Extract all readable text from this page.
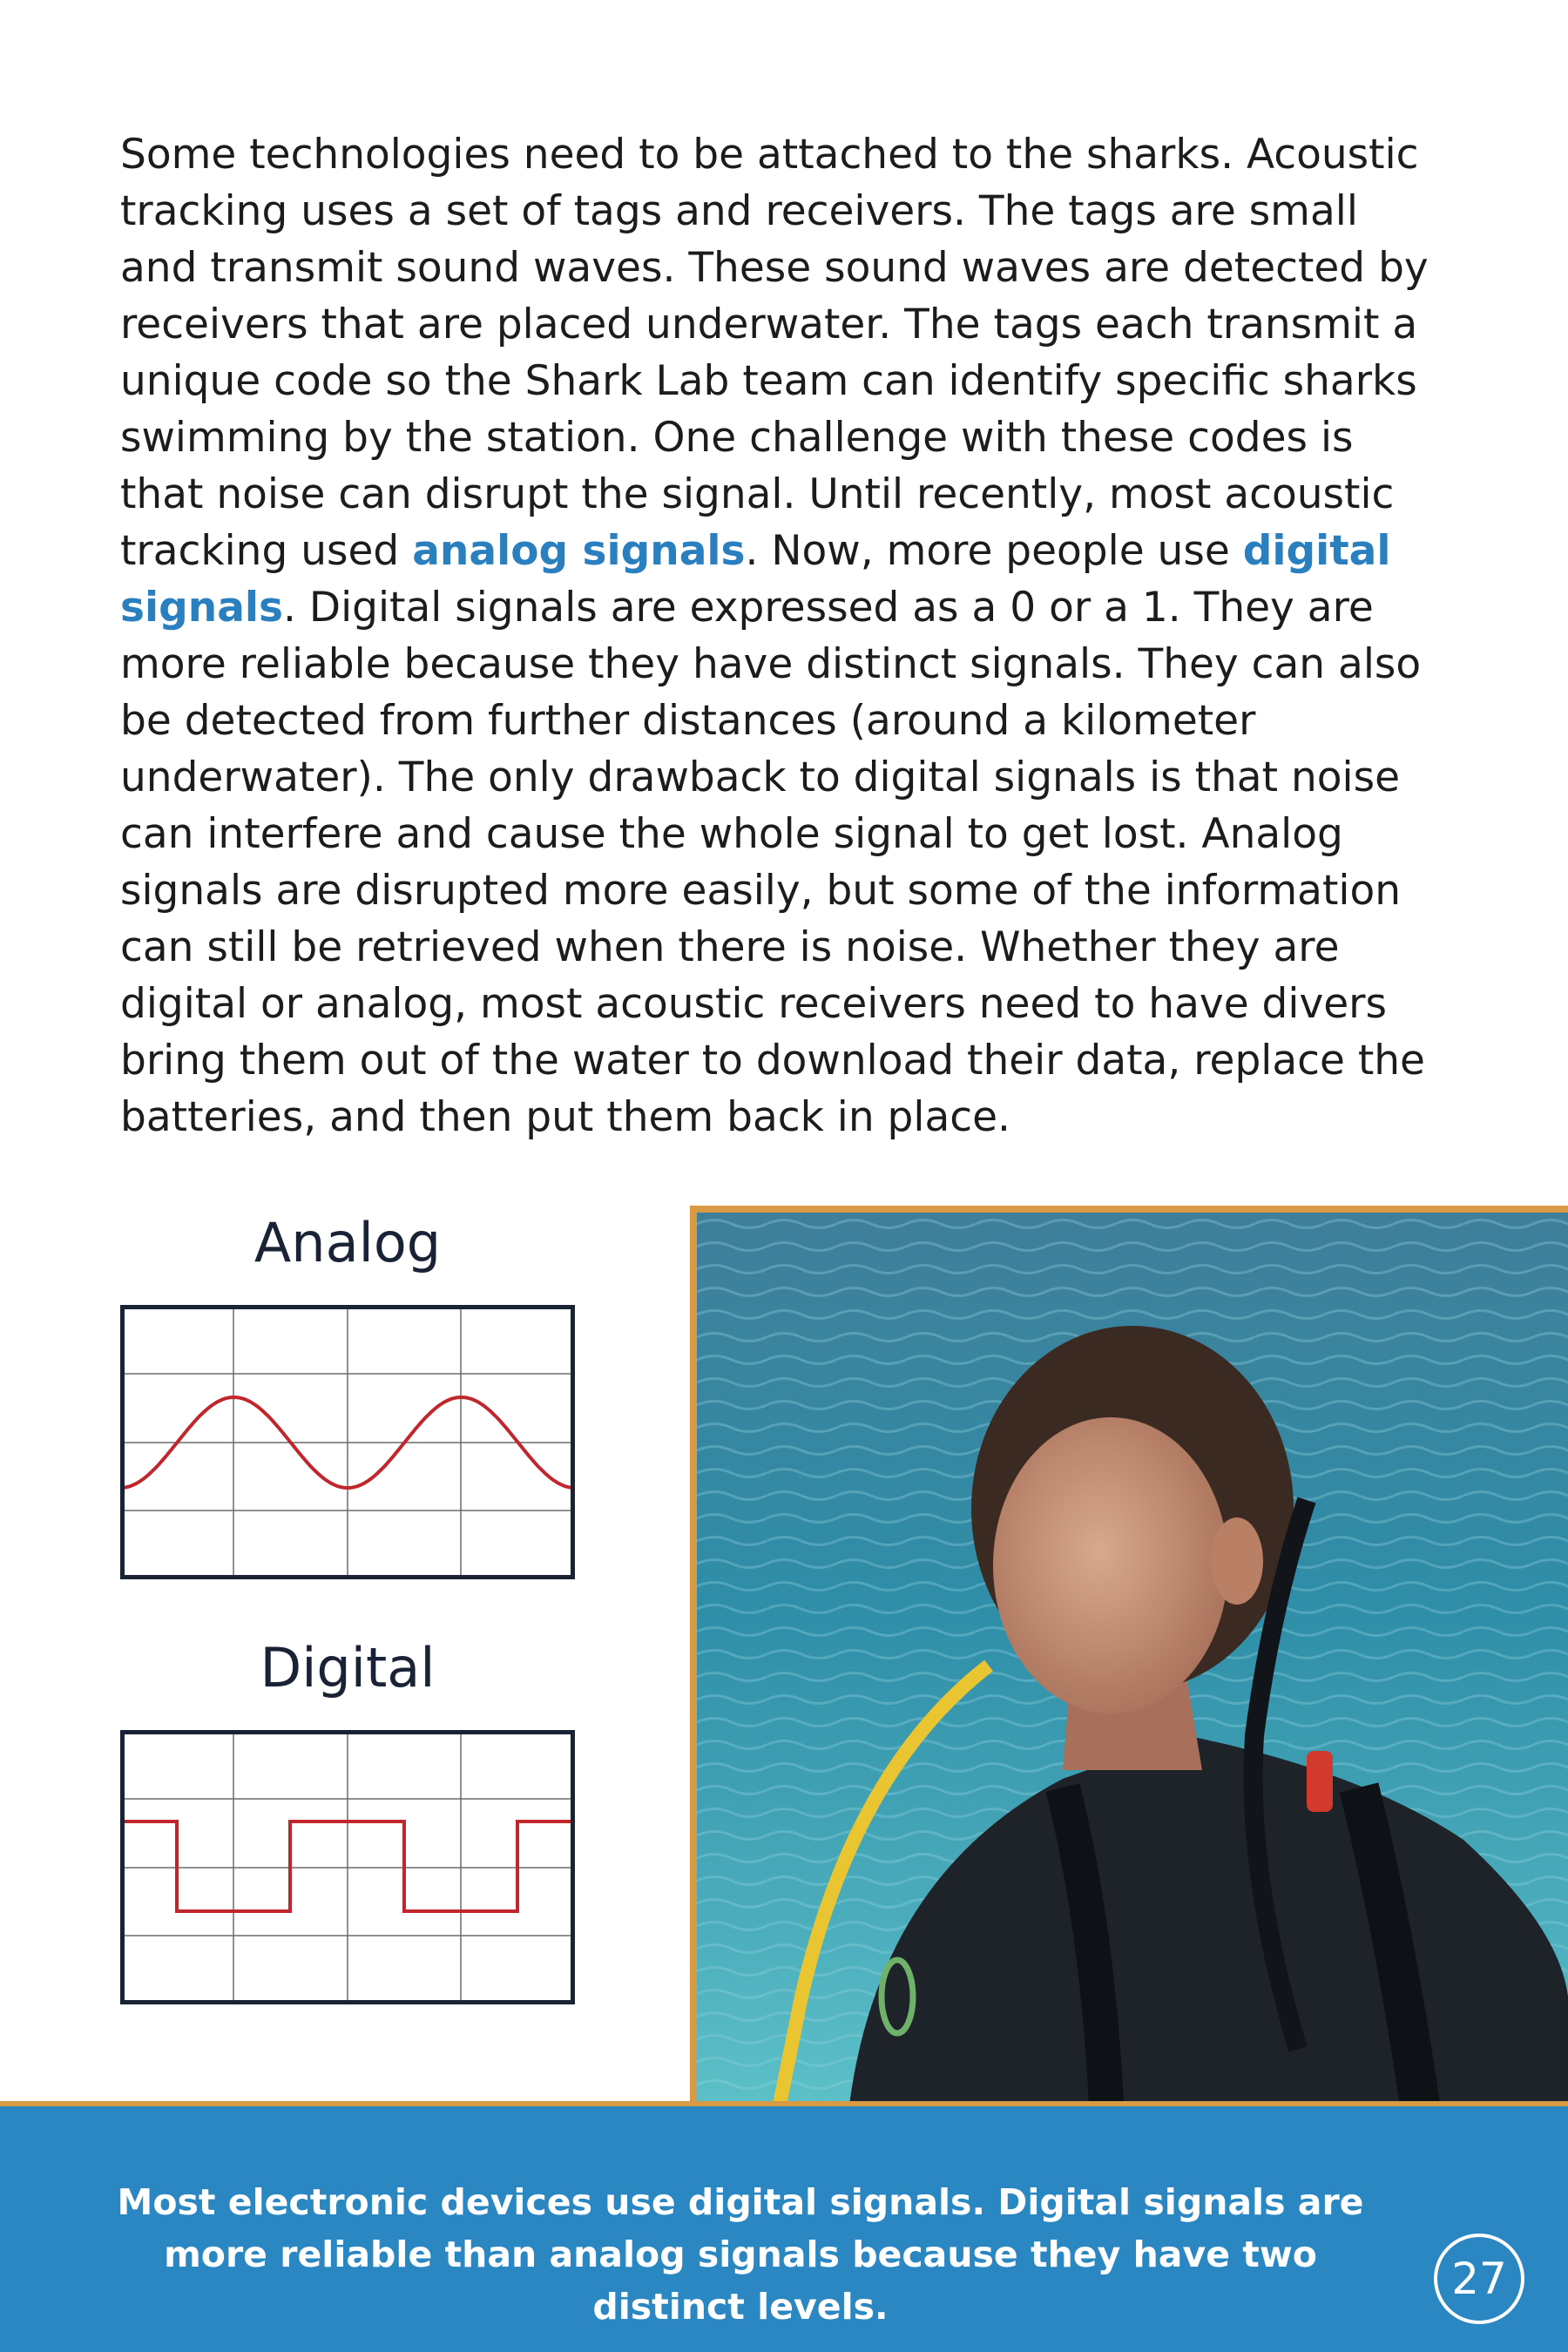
Some technologies need to be attached to the sharks. Acoustic tracking uses a set of tags and receivers. The tags are small and transmit sound waves. These sound waves are detected by receivers that are placed underwater. The tags each transmit a unique code so the Shark Lab team can identify specific sharks swimming by the station. One challenge with these codes is that noise can disrupt the signal. Until recently, most acoustic tracking used analog signals. Now, more people use digital signals. Digital signals are expressed as a 0 or a 1. They are more reliable because they have distinct signals. They can also be detected from further distances (around a kilometer underwater). The only drawback to digital signals is that noise can interfere and cause the whole signal to get lost. Analog signals are disrupted more easily, but some of the information can still be retrieved when there is noise. Whether they are digital or analog, most acoustic receivers need to have divers bring them out of the water to download their data, replace the batteries, and then put them back in place.

Analog
Digital
Most electronic devices use digital signals. Digital signals are more reliable than analog signals because they have two distinct levels.
27
